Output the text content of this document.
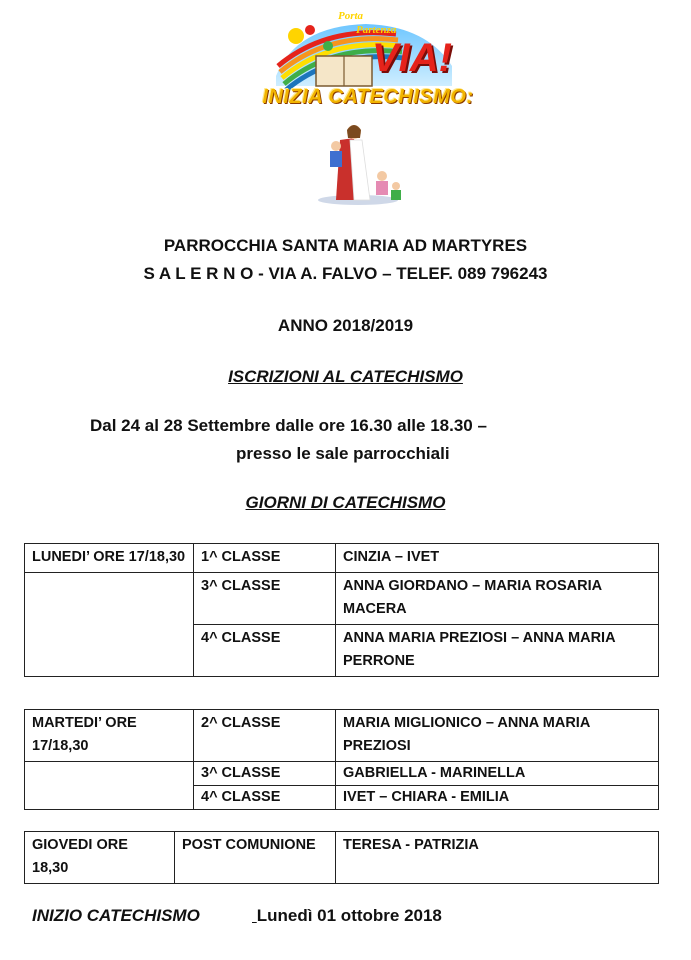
Porta
Partenza
VIA!
INIZIA CATECHISMO:
PARROCCHIA SANTA MARIA AD MARTYRES
S A L E R N O - VIA A. FALVO – TELEF. 089 796243
ANNO 2018/2019
ISCRIZIONI AL CATECHISMO
Dal 24 al 28 Settembre dalle ore 16.30 alle 18.30 –
presso le sale parrocchiali
GIORNI DI CATECHISMO
LUNEDI’ ORE 17/18,30	1^ CLASSE	CINZIA – IVET
	3^ CLASSE	ANNA GIORDANO – MARIA ROSARIA MACERA
	4^ CLASSE	ANNA MARIA PREZIOSI – ANNA MARIA PERRONE
MARTEDI’ ORE 17/18,30	2^ CLASSE	MARIA MIGLIONICO – ANNA MARIA PREZIOSI
	3^ CLASSE	GABRIELLA - MARINELLA
	4^ CLASSE	IVET – CHIARA - EMILIA
GIOVEDI ORE 18,30	POST COMUNIONE	TERESA - PATRIZIA
INIZIO CATECHISMO	Lunedì 01 ottobre 2018
